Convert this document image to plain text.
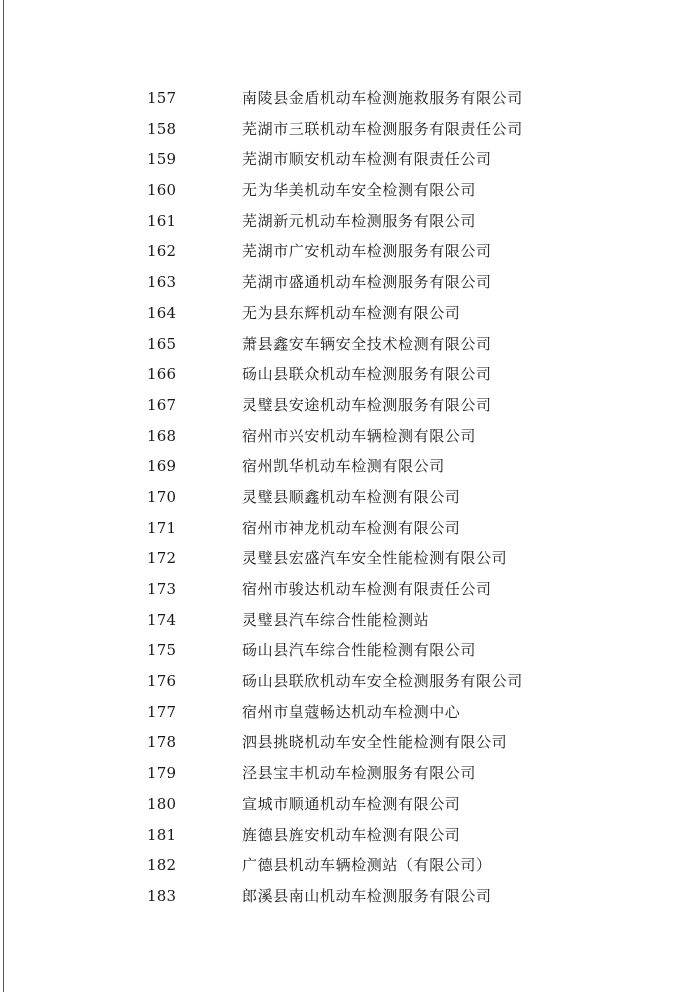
157	南陵县金盾机动车检测施救服务有限公司
158	芜湖市三联机动车检测服务有限责任公司
159	芜湖市顺安机动车检测有限责任公司
160	无为华美机动车安全检测有限公司
161	芜湖新元机动车检测服务有限公司
162	芜湖市广安机动车检测服务有限公司
163	芜湖市盛通机动车检测服务有限公司
164	无为县东辉机动车检测有限公司
165	萧县鑫安车辆安全技术检测有限公司
166	砀山县联众机动车检测服务有限公司
167	灵璧县安途机动车检测服务有限公司
168	宿州市兴安机动车辆检测有限公司
169	宿州凯华机动车检测有限公司
170	灵璧县顺鑫机动车检测有限公司
171	宿州市神龙机动车检测有限公司
172	灵璧县宏盛汽车安全性能检测有限公司
173	宿州市骏达机动车检测有限责任公司
174	灵璧县汽车综合性能检测站
175	砀山县汽车综合性能检测有限公司
176	砀山县联欣机动车安全检测服务有限公司
177	宿州市皇蔻畅达机动车检测中心
178	泗县挑晓机动车安全性能检测有限公司
179	泾县宝丰机动车检测服务有限公司
180	宣城市顺通机动车检测有限公司
181	旌德县旌安机动车检测有限公司
182	广德县机动车辆检测站（有限公司）
183	郎溪县南山机动车检测服务有限公司
